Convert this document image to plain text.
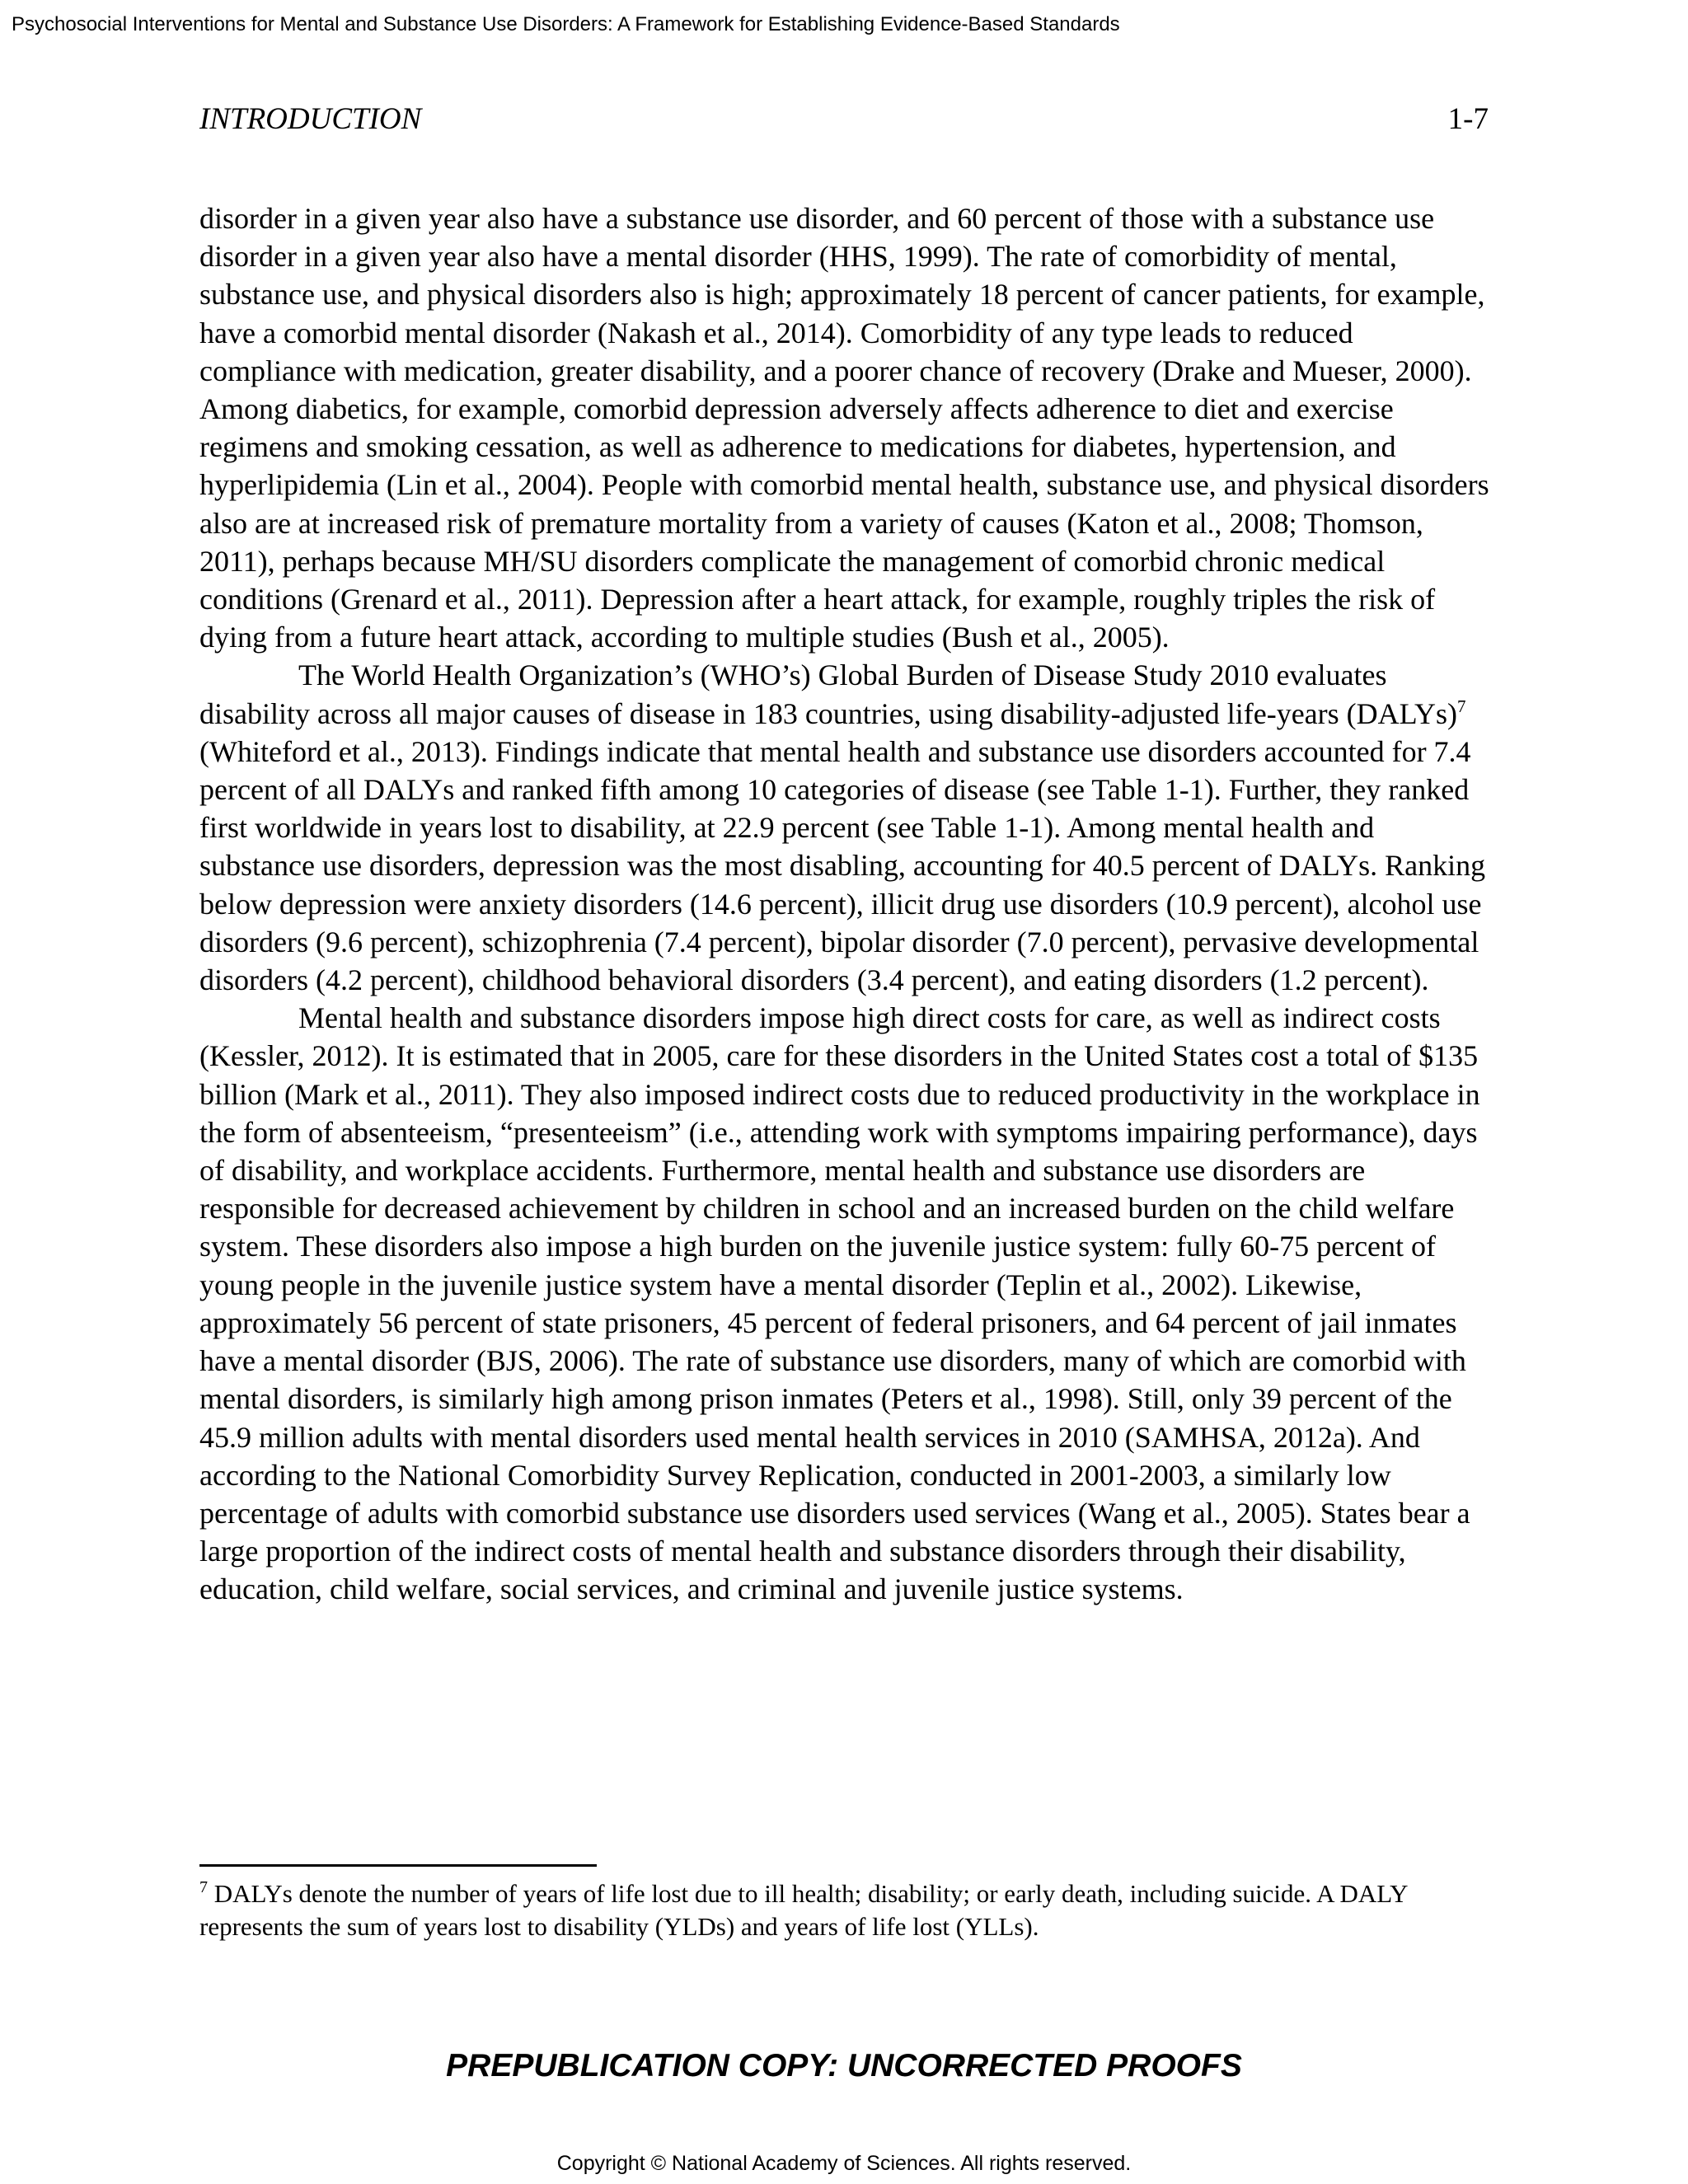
Psychosocial Interventions for Mental and Substance Use Disorders: A Framework for Establishing Evidence-Based Standards
INTRODUCTION	1-7

disorder in a given year also have a substance use disorder, and 60 percent of those with a substance use disorder in a given year also have a mental disorder (HHS, 1999). The rate of comorbidity of mental, substance use, and physical disorders also is high; approximately 18 percent of cancer patients, for example, have a comorbid mental disorder (Nakash et al., 2014). Comorbidity of any type leads to reduced compliance with medication, greater disability, and a poorer chance of recovery (Drake and Mueser, 2000). Among diabetics, for example, comorbid depression adversely affects adherence to diet and exercise regimens and smoking cessation, as well as adherence to medications for diabetes, hypertension, and hyperlipidemia (Lin et al., 2004). People with comorbid mental health, substance use, and physical disorders also are at increased risk of premature mortality from a variety of causes (Katon et al., 2008; Thomson, 2011), perhaps because MH/SU disorders complicate the management of comorbid chronic medical conditions (Grenard et al., 2011). Depression after a heart attack, for example, roughly triples the risk of dying from a future heart attack, according to multiple studies (Bush et al., 2005).

The World Health Organization’s (WHO’s) Global Burden of Disease Study 2010 evaluates disability across all major causes of disease in 183 countries, using disability-adjusted life-years (DALYs)$^7$ (Whiteford et al., 2013). Findings indicate that mental health and substance use disorders accounted for 7.4 percent of all DALYs and ranked fifth among 10 categories of disease (see Table 1-1). Further, they ranked first worldwide in years lost to disability, at 22.9 percent (see Table 1-1). Among mental health and substance use disorders, depression was the most disabling, accounting for 40.5 percent of DALYs. Ranking below depression were anxiety disorders (14.6 percent), illicit drug use disorders (10.9 percent), alcohol use disorders (9.6 percent), schizophrenia (7.4 percent), bipolar disorder (7.0 percent), pervasive developmental disorders (4.2 percent), childhood behavioral disorders (3.4 percent), and eating disorders (1.2 percent).

Mental health and substance disorders impose high direct costs for care, as well as indirect costs (Kessler, 2012). It is estimated that in 2005, care for these disorders in the United States cost a total of $135 billion (Mark et al., 2011). They also imposed indirect costs due to reduced productivity in the workplace in the form of absenteeism, “presenteeism” (i.e., attending work with symptoms impairing performance), days of disability, and workplace accidents. Furthermore, mental health and substance use disorders are responsible for decreased achievement by children in school and an increased burden on the child welfare system. These disorders also impose a high burden on the juvenile justice system: fully 60-75 percent of young people in the juvenile justice system have a mental disorder (Teplin et al., 2002). Likewise, approximately 56 percent of state prisoners, 45 percent of federal prisoners, and 64 percent of jail inmates have a mental disorder (BJS, 2006). The rate of substance use disorders, many of which are comorbid with mental disorders, is similarly high among prison inmates (Peters et al., 1998). Still, only 39 percent of the 45.9 million adults with mental disorders used mental health services in 2010 (SAMHSA, 2012a). And according to the National Comorbidity Survey Replication, conducted in 2001-2003, a similarly low percentage of adults with comorbid substance use disorders used services (Wang et al., 2005). States bear a large proportion of the indirect costs of mental health and substance disorders through their disability, education, child welfare, social services, and criminal and juvenile justice systems.

$^7$ DALYs denote the number of years of life lost due to ill health; disability; or early death, including suicide. A DALY represents the sum of years lost to disability (YLDs) and years of life lost (YLLs).
PREPUBLICATION COPY: UNCORRECTED PROOFS
Copyright © National Academy of Sciences. All rights reserved.
